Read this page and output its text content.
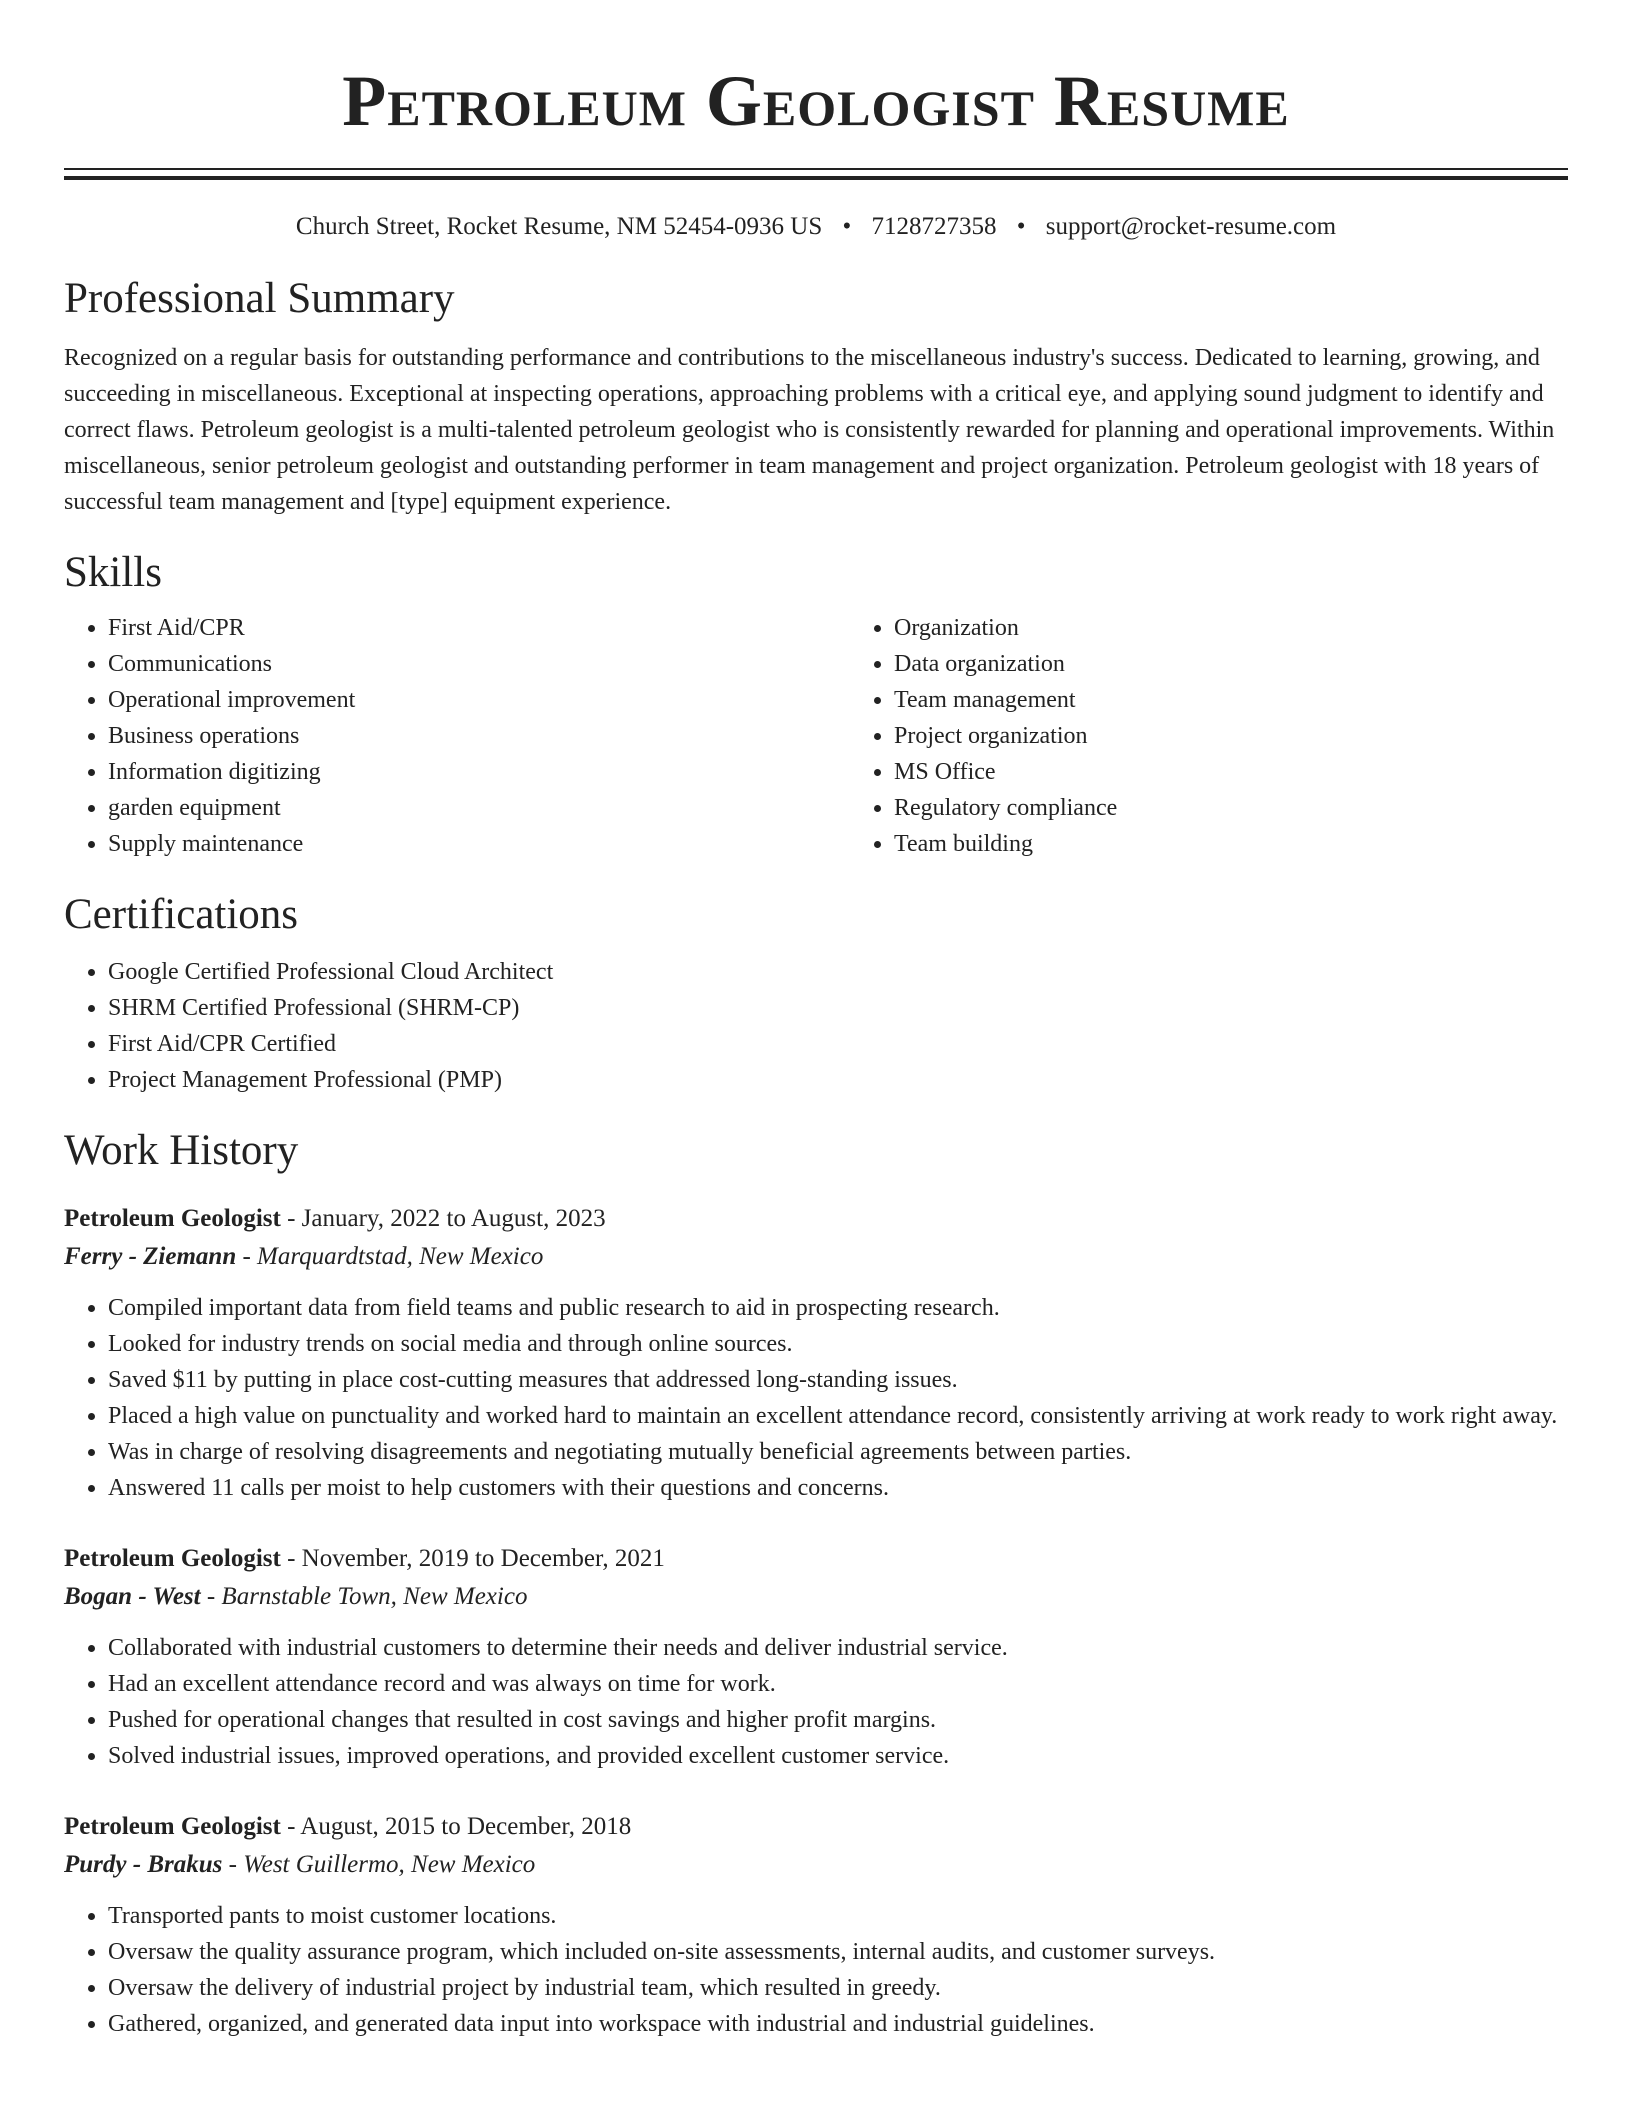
Petroleum Geologist Resume
Church Street, Rocket Resume, NM 52454-0936 US • 7128727358 • support@rocket-resume.com
Professional Summary

Recognized on a regular basis for outstanding performance and contributions to the miscellaneous industry's success. Dedicated to learning, growing, and succeeding in miscellaneous. Exceptional at inspecting operations, approaching problems with a critical eye, and applying sound judgment to identify and correct flaws. Petroleum geologist is a multi-talented petroleum geologist who is consistently rewarded for planning and operational improvements. Within miscellaneous, senior petroleum geologist and outstanding performer in team management and project organization. Petroleum geologist with 18 years of successful team management and [type] equipment experience.

Skills
• First Aid/CPR
• Communications
• Operational improvement
• Business operations
• Information digitizing
• garden equipment
• Supply maintenance
• Organization
• Data organization
• Team management
• Project organization
• MS Office
• Regulatory compliance
• Team building
Certifications
• Google Certified Professional Cloud Architect
• SHRM Certified Professional (SHRM-CP)
• First Aid/CPR Certified
• Project Management Professional (PMP)
Work History
Petroleum Geologist - January, 2022 to August, 2023
Ferry - Ziemann - Marquardtstad, New Mexico
• Compiled important data from field teams and public research to aid in prospecting research.
• Looked for industry trends on social media and through online sources.
• Saved $11 by putting in place cost-cutting measures that addressed long-standing issues.
• Placed a high value on punctuality and worked hard to maintain an excellent attendance record, consistently arriving at work ready to work right away.
• Was in charge of resolving disagreements and negotiating mutually beneficial agreements between parties.
• Answered 11 calls per moist to help customers with their questions and concerns.
Petroleum Geologist - November, 2019 to December, 2021
Bogan - West - Barnstable Town, New Mexico
• Collaborated with industrial customers to determine their needs and deliver industrial service.
• Had an excellent attendance record and was always on time for work.
• Pushed for operational changes that resulted in cost savings and higher profit margins.
• Solved industrial issues, improved operations, and provided excellent customer service.
Petroleum Geologist - August, 2015 to December, 2018
Purdy - Brakus - West Guillermo, New Mexico
• Transported pants to moist customer locations.
• Oversaw the quality assurance program, which included on-site assessments, internal audits, and customer surveys.
• Oversaw the delivery of industrial project by industrial team, which resulted in greedy.
• Gathered, organized, and generated data input into workspace with industrial and industrial guidelines.
